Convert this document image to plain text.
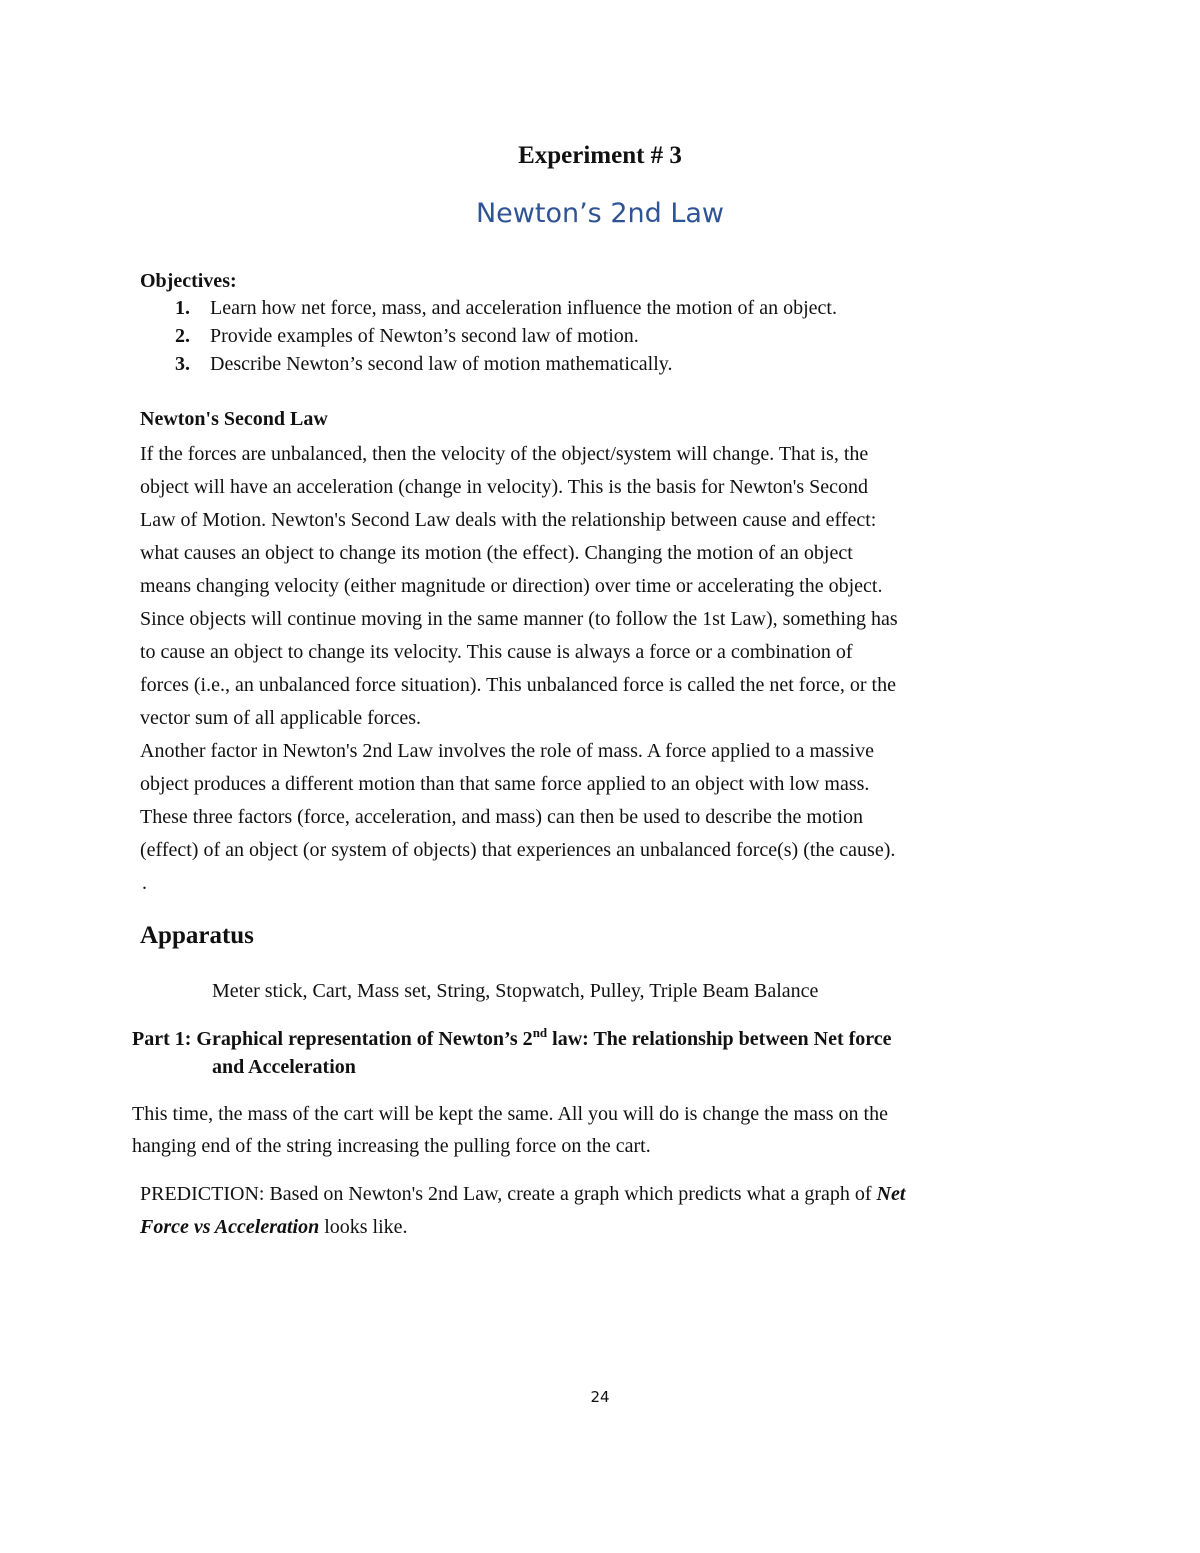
Experiment # 3
Newton’s 2nd Law
Objectives:
1. Learn how net force, mass, and acceleration influence the motion of an object.
2. Provide examples of Newton’s second law of motion.
3. Describe Newton’s second law of motion mathematically.
Newton's Second Law
If the forces are unbalanced, then the velocity of the object/system will change. That is, the
object will have an acceleration (change in velocity). This is the basis for Newton's Second
Law of Motion. Newton's Second Law deals with the relationship between cause and effect:
what causes an object to change its motion (the effect). Changing the motion of an object
means changing velocity (either magnitude or direction) over time or accelerating the object.
Since objects will continue moving in the same manner (to follow the 1st Law), something has
to cause an object to change its velocity. This cause is always a force or a combination of
forces (i.e., an unbalanced force situation). This unbalanced force is called the net force, or the
vector sum of all applicable forces.
Another factor in Newton's 2nd Law involves the role of mass. A force applied to a massive
object produces a different motion than that same force applied to an object with low mass.
These three factors (force, acceleration, and mass) can then be used to describe the motion
(effect) of an object (or system of objects) that experiences an unbalanced force(s) (the cause).
.
Apparatus
Meter stick, Cart, Mass set, String, Stopwatch, Pulley, Triple Beam Balance
Part 1: Graphical representation of Newton’s 2nd law: The relationship between Net force
and Acceleration
This time, the mass of the cart will be kept the same. All you will do is change the mass on the
hanging end of the string increasing the pulling force on the cart.
PREDICTION: Based on Newton's 2nd Law, create a graph which predicts what a graph of Net
Force vs Acceleration looks like.
24
